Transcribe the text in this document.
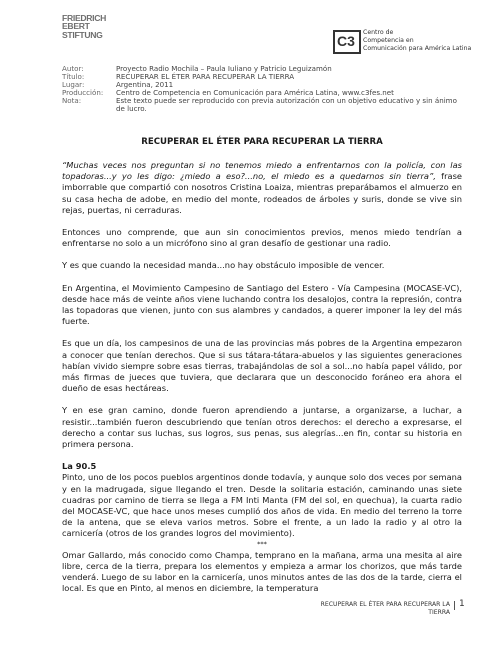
FRIEDRICH
EBERT
STIFTUNG	C3
Centro de
Competencia en
Comunicación para América Latina
Autor:	Proyecto Radio Mochila – Paula Iuliano y Patricio Leguizamón
Título:	RECUPERAR EL ÉTER PARA RECUPERAR LA TIERRA
Lugar:	Argentina, 2011
Producción:	Centro de Competencia en Comunicación para América Latina, www.c3fes.net
Nota:	Este texto puede ser reproducido con previa autorización con un objetivo educativo y sin ánimo de lucro.
RECUPERAR EL ÉTER PARA RECUPERAR LA TIERRA

“Muchas veces nos preguntan si no tenemos miedo a enfrentarnos con la policía, con las topadoras...y yo les digo: ¿miedo a eso?...no, el miedo es a quedarnos sin tierra”, frase imborrable que compartió con nosotros Cristina Loaiza, mientras preparábamos el almuerzo en su casa hecha de adobe, en medio del monte, rodeados de árboles y suris, donde se vive sin rejas, puertas, ni cerraduras.

Entonces uno comprende, que aun sin conocimientos previos, menos miedo tendrían a enfrentarse no solo a un micrófono sino al gran desafío de gestionar una radio.

Y es que cuando la necesidad manda...no hay obstáculo imposible de vencer.

En Argentina, el Movimiento Campesino de Santiago del Estero - Vía Campesina (MOCASE-VC), desde hace más de veinte años viene luchando contra los desalojos, contra la represión, contra las topadoras que vienen, junto con sus alambres y candados, a querer imponer la ley del más fuerte.

Es que un día, los campesinos de una de las provincias más pobres de la Argentina empezaron a conocer que tenían derechos. Que si sus tátara-tátara-abuelos y las siguientes generaciones habían vivido siempre sobre esas tierras, trabajándolas de sol a sol...no había papel válido, por más firmas de jueces que tuviera, que declarara que un desconocido foráneo era ahora el dueño de esas hectáreas.

Y en ese gran camino, donde fueron aprendiendo a juntarse, a organizarse, a luchar, a resistir...también fueron descubriendo que tenían otros derechos: el derecho a expresarse, el derecho a contar sus luchas, sus logros, sus penas, sus alegrías...en fin, contar su historia en primera persona.

La 90.5

Pinto, uno de los pocos pueblos argentinos donde todavía, y aunque solo dos veces por semana y en la madrugada, sigue llegando el tren. Desde la solitaria estación, caminando unas siete cuadras por camino de tierra se llega a FM Inti Manta (FM del sol, en quechua), la cuarta radio del MOCASE-VC, que hace unos meses cumplió dos años de vida. En medio del terreno la torre de la antena, que se eleva varios metros. Sobre el frente, a un lado la radio y al otro la carnicería (otros de los grandes logros del movimiento).

***

Omar Gallardo, más conocido como Champa, temprano en la mañana, arma una mesita al aire libre, cerca de la tierra, prepara los elementos y empieza a armar los chorizos, que más tarde venderá. Luego de su labor en la carnicería, unos minutos antes de las dos de la tarde, cierra el local. Es que en Pinto, al menos en diciembre, la temperatura

RECUPERAR EL ÉTER PARA RECUPERAR LA TIERRA
1
